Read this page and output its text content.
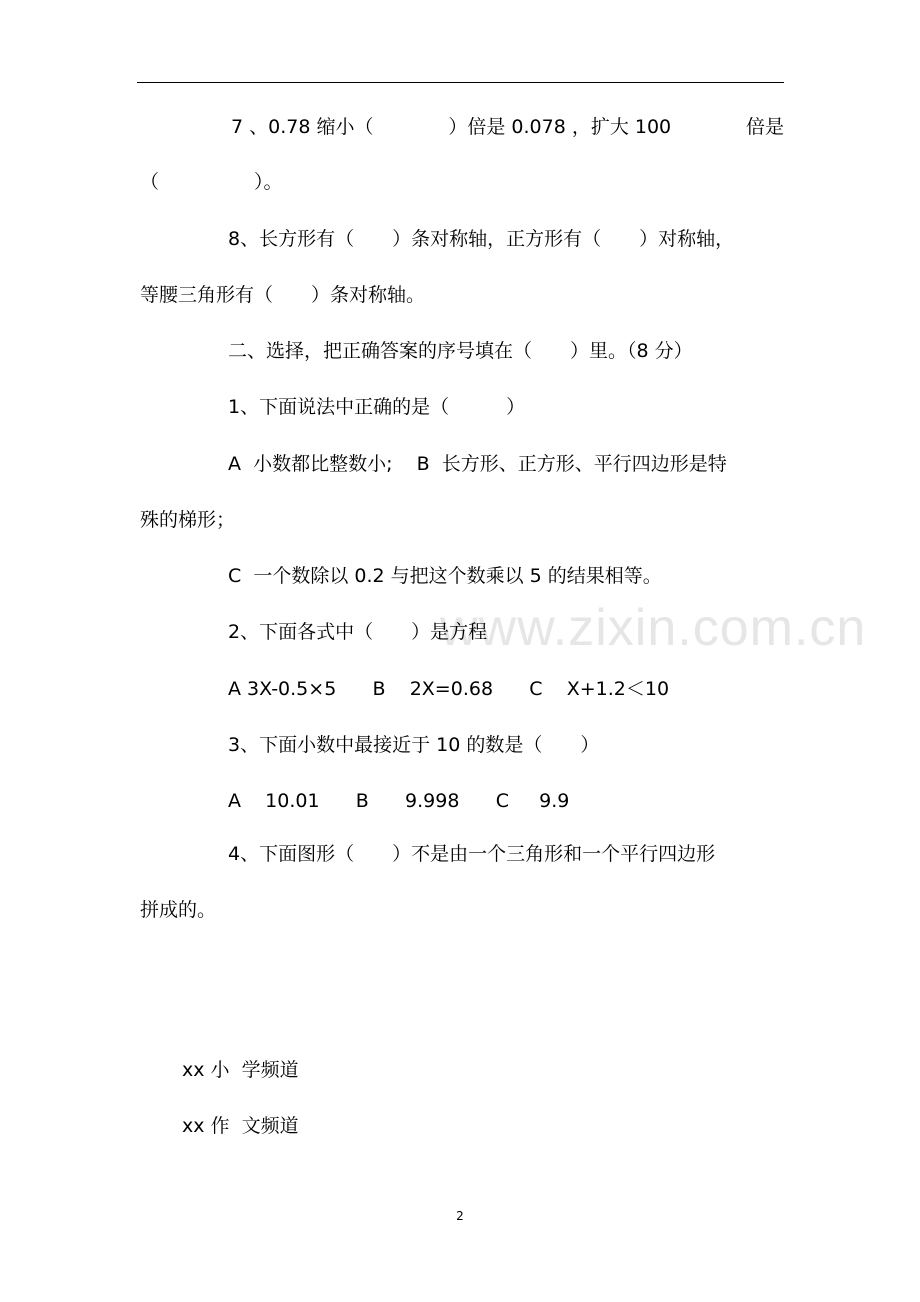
www.zixin.com.cn
7 、0.78 缩小（	）倍是 0.078 ，扩大 100	倍是
（　　　　　）。
8、长方形有（　　）条对称轴，正方形有（　　）对称轴，
等腰三角形有（　　）条对称轴。
二、选择，把正确答案的序号填在（　　）里。（8 分）
1、下面说法中正确的是（　　　）
A  小数都比整数小;    B  长方形、正方形、平行四边形是特
殊的梯形；
C  一个数除以 0.2 与把这个数乘以 5 的结果相等。
2、下面各式中（　　）是方程
A 3X-0.5×5      B    2X=0.68      C    X+1.2＜10
3、下面小数中最接近于 10 的数是（　　）
A    10.01      B      9.998      C     9.9
4、下面图形（　　）不是由一个三角形和一个平行四边形
拼成的。
xx 小  学频道
xx 作  文频道
2
